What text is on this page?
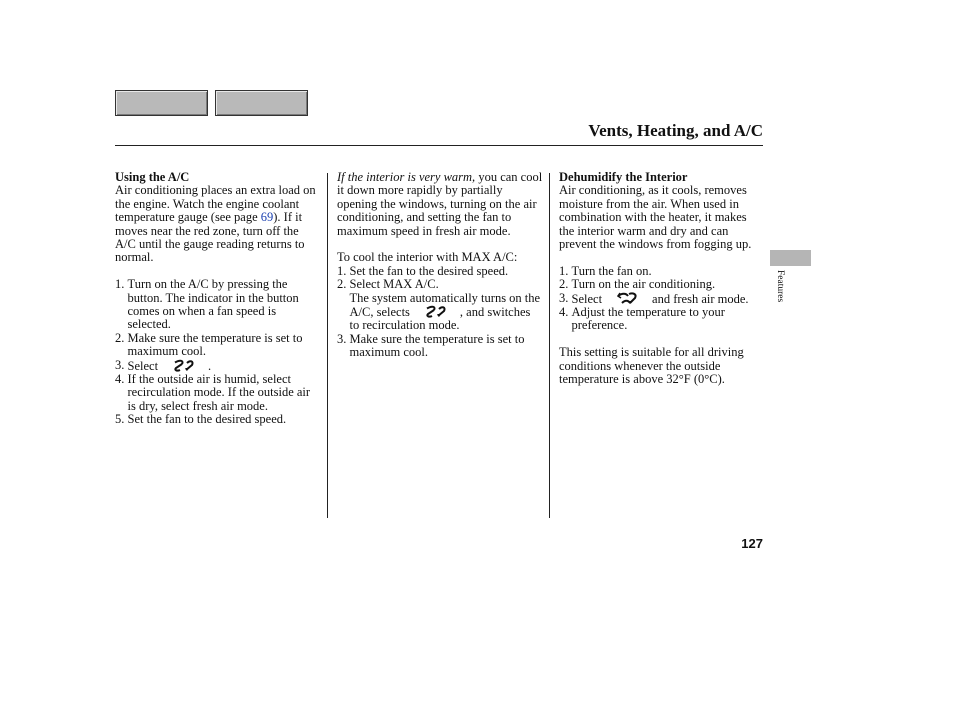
Vents, Heating, and A/C

Using the A/C

Air conditioning places an extra load on the engine. Watch the engine coolant temperature gauge (see page 69). If it moves near the red zone, turn off the A/C until the gauge reading returns to normal.

1. Turn on the A/C by pressing the button. The indicator in the button comes on when a fan speed is selected.
2. Make sure the temperature is set to maximum cool.
3. Select	.
4. If the outside air is humid, select recirculation mode. If the outside air is dry, select fresh air mode.
5. Set the fan to the desired speed.

If the interior is very warm, you can cool it down more rapidly by partially opening the windows, turning on the air conditioning, and setting the fan to maximum speed in fresh air mode.

To cool the interior with MAX A/C:

1. Set the fan to the desired speed.
2. Select MAX A/C.
The system automatically turns on the A/C, selects	, and switches to recirculation mode.
3. Make sure the temperature is set to maximum cool.

Dehumidify the Interior

Air conditioning, as it cools, removes moisture from the air. When used in combination with the heater, it makes the interior warm and dry and can prevent the windows from fogging up.

1. Turn the fan on.
2. Turn on the air conditioning.
3. Select	and fresh air mode.
4. Adjust the temperature to your preference.

This setting is suitable for all driving conditions whenever the outside temperature is above 32°F (0°C).

Features
127
